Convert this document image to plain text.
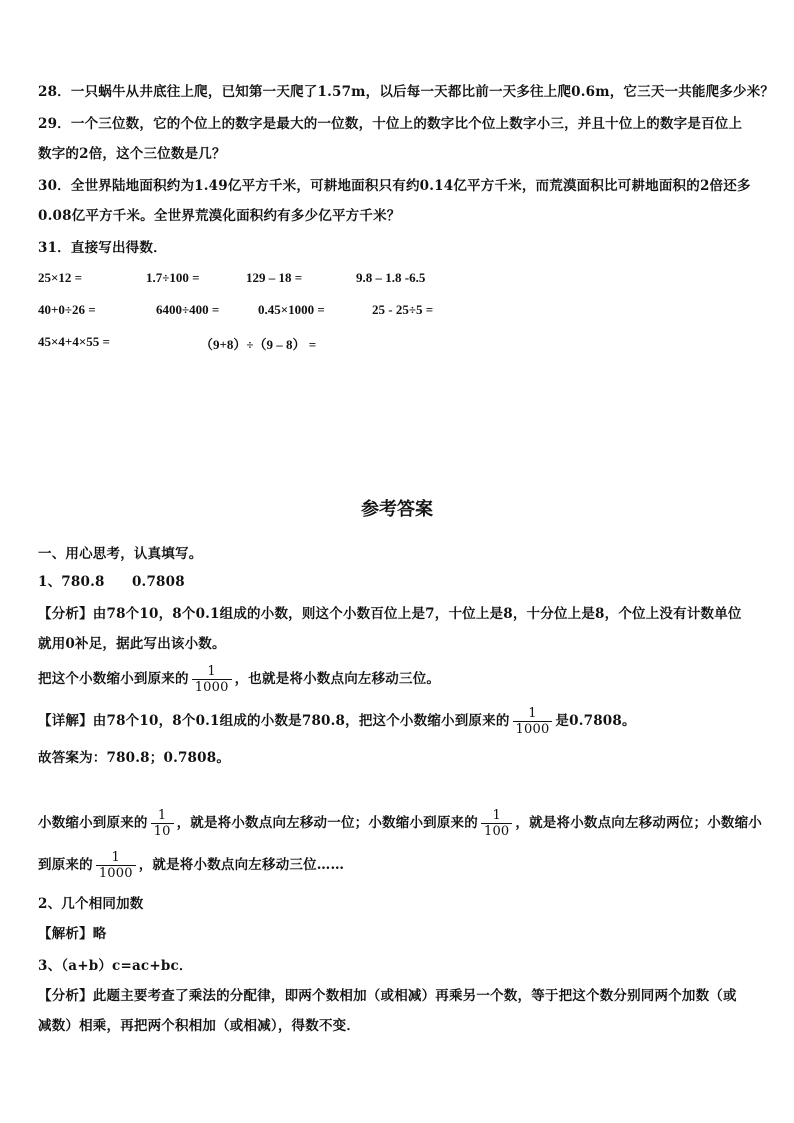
28．一只蜗牛从井底往上爬，已知第一天爬了1.57m，以后每一天都比前一天多往上爬0.6m，它三天一共能爬多少米？
29．一个三位数，它的个位上的数字是最大的一位数，十位上的数字比个位上数字小三，并且十位上的数字是百位上
数字的2倍，这个三位数是几？
30．全世界陆地面积约为1.49亿平方千米，可耕地面积只有约0.14亿平方千米，而荒漠面积比可耕地面积的2倍还多
0.08亿平方千米。全世界荒漠化面积约有多少亿平方千米？
31．直接写出得数．
25×12 =	1.7÷100 =	129 – 18 =	9.8 – 1.8 -6.5
40+0÷26 =	6400÷400 =	0.45×1000 =	25 - 25÷5 =
45×4+4×55 =	（9+8）÷（9 – 8） =
参考答案
一、用心思考，认真填写。
1、780.8　　0.7808
【分析】由78个10，8个0.1组成的小数，则这个小数百位上是7，十位上是8，十分位上是8，个位上没有计数单位
就用0补足，据此写出该小数。
把这个小数缩小到原来的 $\frac{1}{1000}$ ，也就是将小数点向左移动三位。
【详解】由78个10，8个0.1组成的小数是780.8，把这个小数缩小到原来的 $\frac{1}{1000}$ 是0.7808。
故答案为：780.8；0.7808。
小数缩小到原来的 $\frac{1}{10}$ ，就是将小数点向左移动一位；小数缩小到原来的 $\frac{1}{100}$ ，就是将小数点向左移动两位；小数缩小
到原来的 $\frac{1}{1000}$ ，就是将小数点向左移动三位……
2、几个相同加数
【解析】略
3、（a+b）c=ac+bc．
【分析】此题主要考查了乘法的分配律，即两个数相加（或相减）再乘另一个数，等于把这个数分别同两个加数（或
减数）相乘，再把两个积相加（或相减），得数不变．
